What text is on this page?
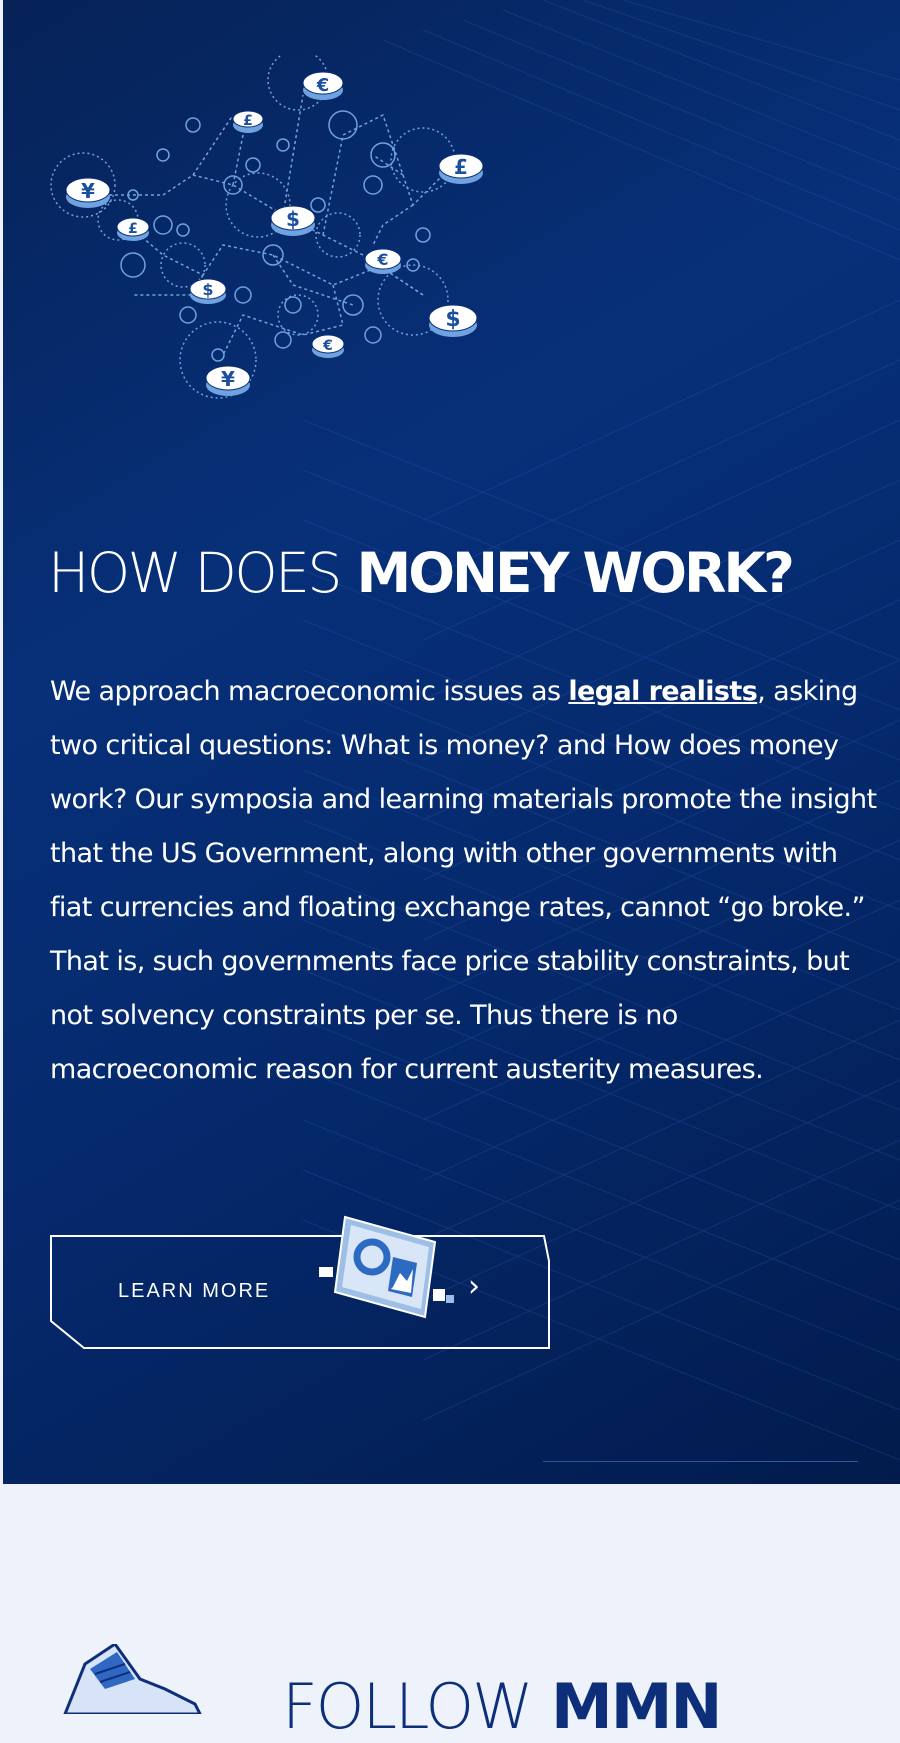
€
£
£
¥
£	$
€
$
$
€
¥
HOW DOES MONEY WORK?

We approach macroeconomic issues as legal realists, asking two critical questions: What is money? and How does money work? Our symposia and learning materials promote the insight that the US Government, along with other governments with fiat currencies and floating exchange rates, cannot “go broke.” That is, such governments face price stability constraints, but not solvency constraints per se. Thus there is no macroeconomic reason for current austerity measures.

LEARN MORE	›
FOLLOW MMN
